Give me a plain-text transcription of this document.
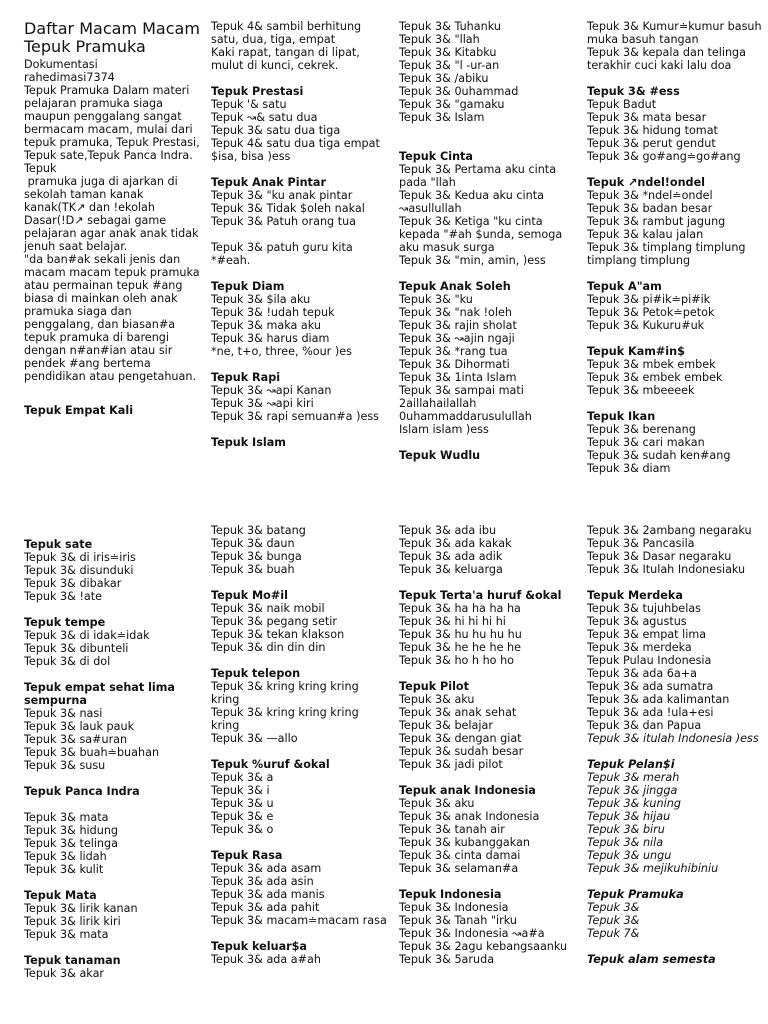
Daftar Macam Macam Tepuk Pramuka
Dokumentasi
rahedimasi7374
Tepuk Pramuka Dalam materi pelajaran pramuka siaga maupun penggalang sangat bermacam macam, mulai dari tepuk pramuka, Tepuk Prestasi, Tepuk sate,Tepuk Panca Indra. Tepuk
pramuka juga di ajarkan di sekolah taman kanak kanak(TK↗ dan !ekolah Dasar(!D↗ sebagai game pelajaran agar anak anak tidak jenuh saat belajar.
"da ban#ak sekali jenis dan macam macam tepuk pramuka atau permainan tepuk #ang biasa di mainkan oleh anak pramuka siaga dan penggalang, dan biasan#a tepuk pramuka di barengi
dengan n#an#ian atau sir pendek #ang bertema pendidikan atau pengetahuan.
Tepuk Empat Kali
Tepuk 4& sambil berhitung satu, dua, tiga, empat
Kaki rapat, tangan di lipat, mulut di kunci, cekrek.
Tepuk Prestasi
Tepuk '& satu
Tepuk ↝& satu dua
Tepuk 3& satu dua tiga
Tepuk 4& satu dua tiga empat
$isa, bisa )ess
Tepuk Anak Pintar
Tepuk 3& "ku anak pintar
Tepuk 3& Tidak $oleh nakal
Tepuk 3& Patuh orang tua

Tepuk 3& patuh guru kita *#eah.
Tepuk Diam
Tepuk 3& $ila aku
Tepuk 3& !udah tepuk
Tepuk 3& maka aku
Tepuk 3& harus diam
*ne, t+o, three, %our )es
Tepuk Rapi
Tepuk 3& ↝api Kanan
Tepuk 3& ↝api kiri
Tepuk 3& rapi semuan#a )ess
Tepuk Islam
Tepuk 3& Tuhanku
Tepuk 3& "llah
Tepuk 3& Kitabku
Tepuk 3& "l -ur-an
Tepuk 3& /abiku
Tepuk 3& 0uhammad
Tepuk 3& "gamaku
Tepuk 3& Islam
Tepuk Cinta
Tepuk 3& Pertama aku cinta pada "llah
Tepuk 3& Kedua aku cinta ↝asullullah
Tepuk 3& Ketiga "ku cinta kepada "#ah $unda, semoga aku masuk surga
Tepuk 3& "min, amin, )ess
Tepuk Anak Soleh
Tepuk 3& "ku
Tepuk 3& "nak !oleh
Tepuk 3& rajin sholat
Tepuk 3& ↝ajin ngaji
Tepuk 3& *rang tua
Tepuk 3& Dihormati
Tepuk 3& 1inta Islam
Tepuk 3& sampai mati
2aillahailallah
0uhammaddarusulullah
Islam islam )ess
Tepuk Wudlu
Tepuk 3& Kumur≐kumur basuh muka basuh tangan
Tepuk 3& kepala dan telinga terakhir cuci kaki lalu doa
Tepuk 3& #ess
Tepuk Badut
Tepuk 3& mata besar
Tepuk 3& hidung tomat
Tepuk 3& perut gendut
Tepuk 3& go#ang≐go#ang
Tepuk ↗ndel!ondel
Tepuk 3& *ndel≐ondel
Tepuk 3& badan besar
Tepuk 3& rambut jagung
Tepuk 3& kalau jalan
Tepuk 3& timplang timplung timplang timplung
Tepuk A"am
Tepuk 3& pi#ik≐pi#ik
Tepuk 3& Petok≐petok
Tepuk 3& Kukuru#uk
Tepuk Kam#in$
Tepuk 3& mbek embek
Tepuk 3& embek embek
Tepuk 3& mbeeeek
Tepuk Ikan
Tepuk 3& berenang
Tepuk 3& cari makan
Tepuk 3& sudah ken#ang
Tepuk 3& diam
Tepuk sate
Tepuk 3& di iris≐iris
Tepuk 3& disunduki
Tepuk 3& dibakar
Tepuk 3& !ate
Tepuk tempe
Tepuk 3& di idak≐idak
Tepuk 3& dibunteli
Tepuk 3& di dol
Tepuk empat sehat lima sempurna
Tepuk 3& nasi
Tepuk 3& lauk pauk
Tepuk 3& sa#uran
Tepuk 3& buah≐buahan
Tepuk 3& susu
Tepuk Panca Indra

Tepuk 3& mata
Tepuk 3& hidung
Tepuk 3& telinga
Tepuk 3& lidah
Tepuk 3& kulit
Tepuk Mata
Tepuk 3& lirik kanan
Tepuk 3& lirik kiri
Tepuk 3& mata
Tepuk tanaman
Tepuk 3& akar
Tepuk 3& batang
Tepuk 3& daun
Tepuk 3& bunga
Tepuk 3& buah
Tepuk Mo#il
Tepuk 3& naik mobil
Tepuk 3& pegang setir
Tepuk 3& tekan klakson
Tepuk 3& din din din
Tepuk telepon
Tepuk 3& kring kring kring kring
Tepuk 3& kring kring kring kring
Tepuk 3& —allo
Tepuk %uruf &okal
Tepuk 3& a
Tepuk 3& i
Tepuk 3& u
Tepuk 3& e
Tepuk 3& o
Tepuk Rasa
Tepuk 3& ada asam
Tepuk 3& ada asin
Tepuk 3& ada manis
Tepuk 3& ada pahit
Tepuk 3& macam≐macam rasa
Tepuk keluar$a
Tepuk 3& ada a#ah
Tepuk 3& ada ibu
Tepuk 3& ada kakak
Tepuk 3& ada adik
Tepuk 3& keluarga
Tepuk Terta'a huruf &okal
Tepuk 3& ha ha ha ha
Tepuk 3& hi hi hi hi
Tepuk 3& hu hu hu hu
Tepuk 3& he he he he
Tepuk 3& ho h ho ho
Tepuk Pilot
Tepuk 3& aku
Tepuk 3& anak sehat
Tepuk 3& belajar
Tepuk 3& dengan giat
Tepuk 3& sudah besar
Tepuk 3& jadi pilot
Tepuk anak Indonesia
Tepuk 3& aku
Tepuk 3& anak Indonesia
Tepuk 3& tanah air
Tepuk 3& kubanggakan
Tepuk 3& cinta damai
Tepuk 3& selaman#a
Tepuk Indonesia
Tepuk 3& Indonesia
Tepuk 3& Tanah "irku
Tepuk 3& Indonesia ↝a#a
Tepuk 3& 2agu kebangsaanku
Tepuk 3& 5aruda
Tepuk 3& 2ambang negaraku
Tepuk 3& Pancasila
Tepuk 3& Dasar negaraku
Tepuk 3& Itulah Indonesiaku
Tepuk Merdeka
Tepuk 3& tujuhbelas
Tepuk 3& agustus
Tepuk 3& empat lima
Tepuk 3& merdeka
Tepuk Pulau Indonesia
Tepuk 3& ada 6a+a
Tepuk 3& ada sumatra
Tepuk 3& ada kalimantan
Tepuk 3& ada !ula+esi
Tepuk 3& dan Papua
Tepuk 3& itulah Indonesia )ess
Tepuk Pelan$i
Tepuk 3& merah
Tepuk 3& jingga
Tepuk 3& kuning
Tepuk 3& hijau
Tepuk 3& biru
Tepuk 3& nila
Tepuk 3& ungu
Tepuk 3& mejikuhibiniu
Tepuk Pramuka
Tepuk 3&
Tepuk 3&
Tepuk 7&
Tepuk alam semesta
